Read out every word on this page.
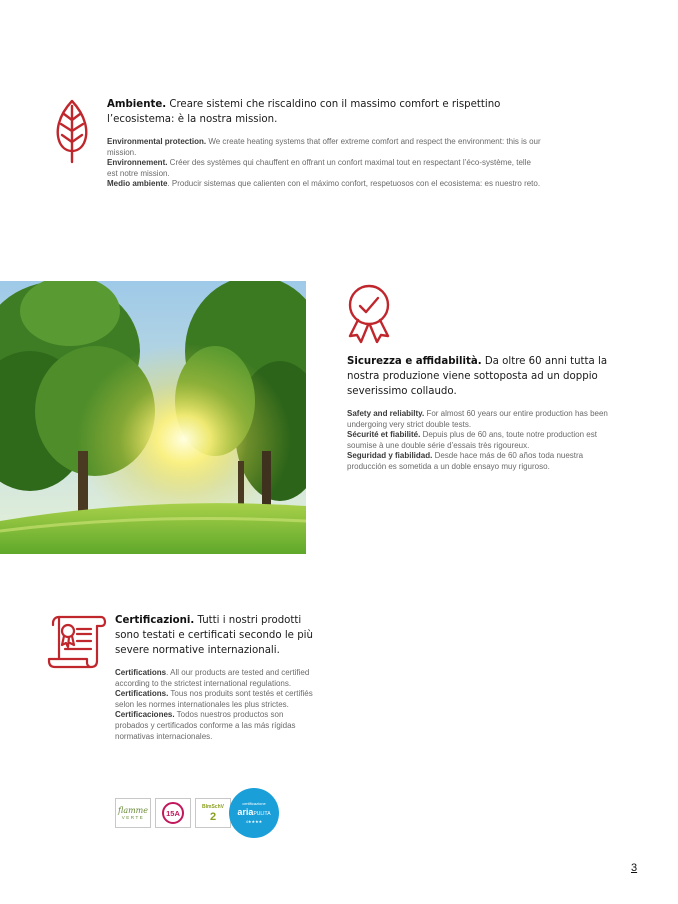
Ambiente. Creare sistemi che riscaldino con il massimo comfort e rispettino l’ecosistema: è la nostra mission.
Environmental protection. We create heating systems that offer extreme comfort and respect the environment: this is our mission.
Environnement. Créer des systèmes qui chauffent en offrant un confort maximal tout en respectant l’éco-système, telle est notre mission.
Medio ambiente. Producir sistemas que calienten con el máximo confort, respetuosos con el ecosistema: es nuestro reto.
Sicurezza e affidabilità. Da oltre 60 anni tutta la nostra produzione viene sottoposta ad un doppio severissimo collaudo.
Safety and reliabilty. For almost 60 years our entire production has been undergoing very strict double tests.
Sécurité et fiabilité. Depuis plus de 60 ans, toute notre production est soumise à une double série d’essais très rigoureux.
Seguridad y fiabilidad. Desde hace más de 60 años toda nuestra producción es sometida a un doble ensayo muy riguroso.
Certificazioni. Tutti i nostri prodotti sono testati e certificati secondo le più severe normative internazionali.
Certifications. All our products are tested and certified according to the strictest international regulations.
Certifications. Tous nos produits sont testés et certifiés selon les normes internationales les plus strictes.
Certificaciones. Todos nuestros productos son probados y certificados conforme a las más rígidas normativas internacionales.
flamme
VERTE	15A
BImSchV
2
certificazione
ariaPULITA
4★★★★
3
